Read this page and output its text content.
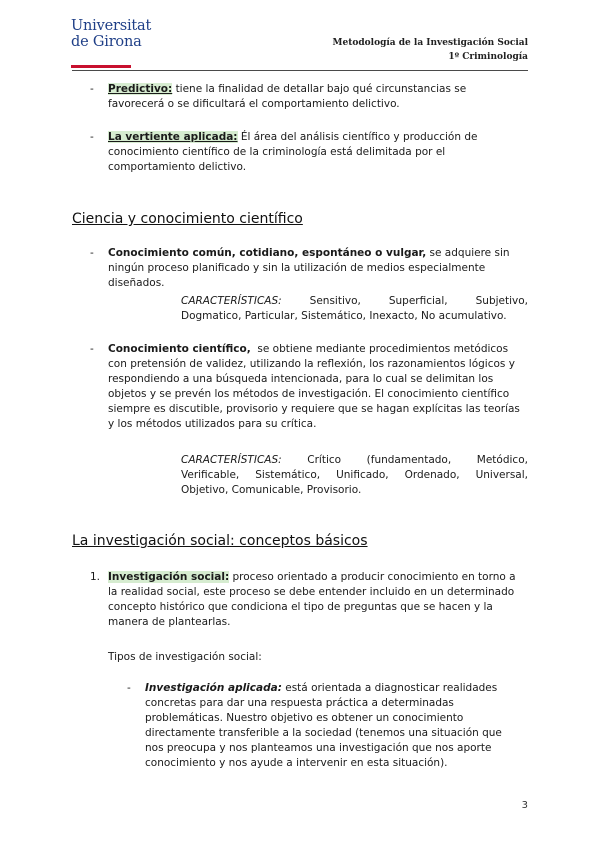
Universitat
de Girona	Metodología de la Investigación Social
1º Criminología
- Predictivo: tiene la finalidad de detallar bajo qué circunstancias se
favorecerá o se dificultará el comportamiento delictivo.
- La vertiente aplicada: Él área del análisis científico y producción de
conocimiento científico de la criminología está delimitada por el
comportamiento delictivo.
Ciencia y conocimiento científico
- Conocimiento común, cotidiano, espontáneo o vulgar, se adquiere sin
ningún proceso planificado y sin la utilización de medios especialmente
diseñados.
CARACTERÍSTICAS:	Sensitivo,	Superficial,	Subjetivo,
Dogmatico, Particular, Sistemático, Inexacto, No acumulativo.
- Conocimiento científico, se obtiene mediante procedimientos metódicos
con pretensión de validez, utilizando la reflexión, los razonamientos lógicos y
respondiendo a una búsqueda intencionada, para lo cual se delimitan los
objetos y se prevén los métodos de investigación. El conocimiento científico
siempre es discutible, provisorio y requiere que se hagan explícitas las teorías
y los métodos utilizados para su crítica.
CARACTERÍSTICAS: Crítico (fundamentado, Metódico,
Verificable, Sistemático, Unificado, Ordenado, Universal,
Objetivo, Comunicable, Provisorio.
La investigación social: conceptos básicos
1. Investigación social: proceso orientado a producir conocimiento en torno a
la realidad social, este proceso se debe entender incluido en un determinado
concepto histórico que condiciona el tipo de preguntas que se hacen y la
manera de plantearlas.
Tipos de investigación social:
- Investigación aplicada: está orientada a diagnosticar realidades
concretas para dar una respuesta práctica a determinadas
problemáticas. Nuestro objetivo es obtener un conocimiento
directamente transferible a la sociedad (tenemos una situación que
nos preocupa y nos planteamos una investigación que nos aporte
conocimiento y nos ayude a intervenir en esta situación).
3
